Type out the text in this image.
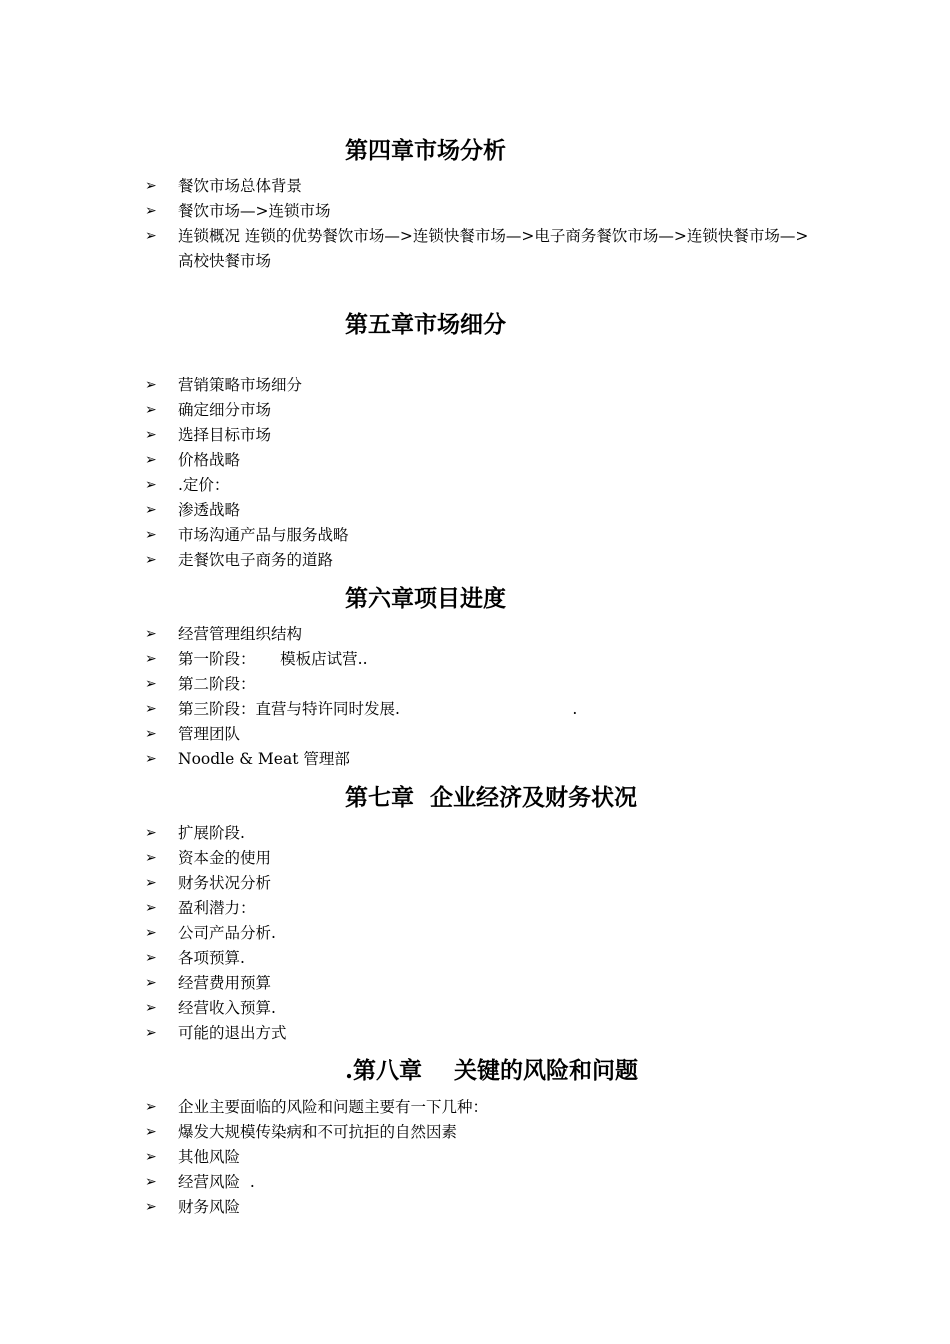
第四章市场分析
➢ 餐饮市场总体背景
➢ 餐饮市场—>连锁市场
➢ 连锁概况 连锁的优势餐饮市场—>连锁快餐市场—>电子商务餐饮市场—>连锁快餐市场—>高校快餐市场
第五章市场细分
➢ 营销策略市场细分
➢ 确定细分市场
➢ 选择目标市场
➢ 价格战略
➢ .定价：
➢ 渗透战略
➢ 市场沟通产品与服务战略
➢ 走餐饮电子商务的道路
第六章项目进度
➢ 经营管理组织结构
➢ 第一阶段：     模板店试营..
➢ 第二阶段：
➢ 第三阶段：直营与特许同时发展.                                   .
➢ 管理团队
➢ Noodle & Meat 管理部
第七章  企业经济及财务状况
➢ 扩展阶段.
➢ 资本金的使用
➢ 财务状况分析
➢ 盈利潜力：
➢ 公司产品分析.
➢ 各项预算.
➢ 经营费用预算
➢ 经营收入预算.
➢ 可能的退出方式
.第八章    关键的风险和问题
➢ 企业主要面临的风险和问题主要有一下几种：
➢ 爆发大规模传染病和不可抗拒的自然因素
➢ 其他风险
➢ 经营风险  .
➢ 财务风险
